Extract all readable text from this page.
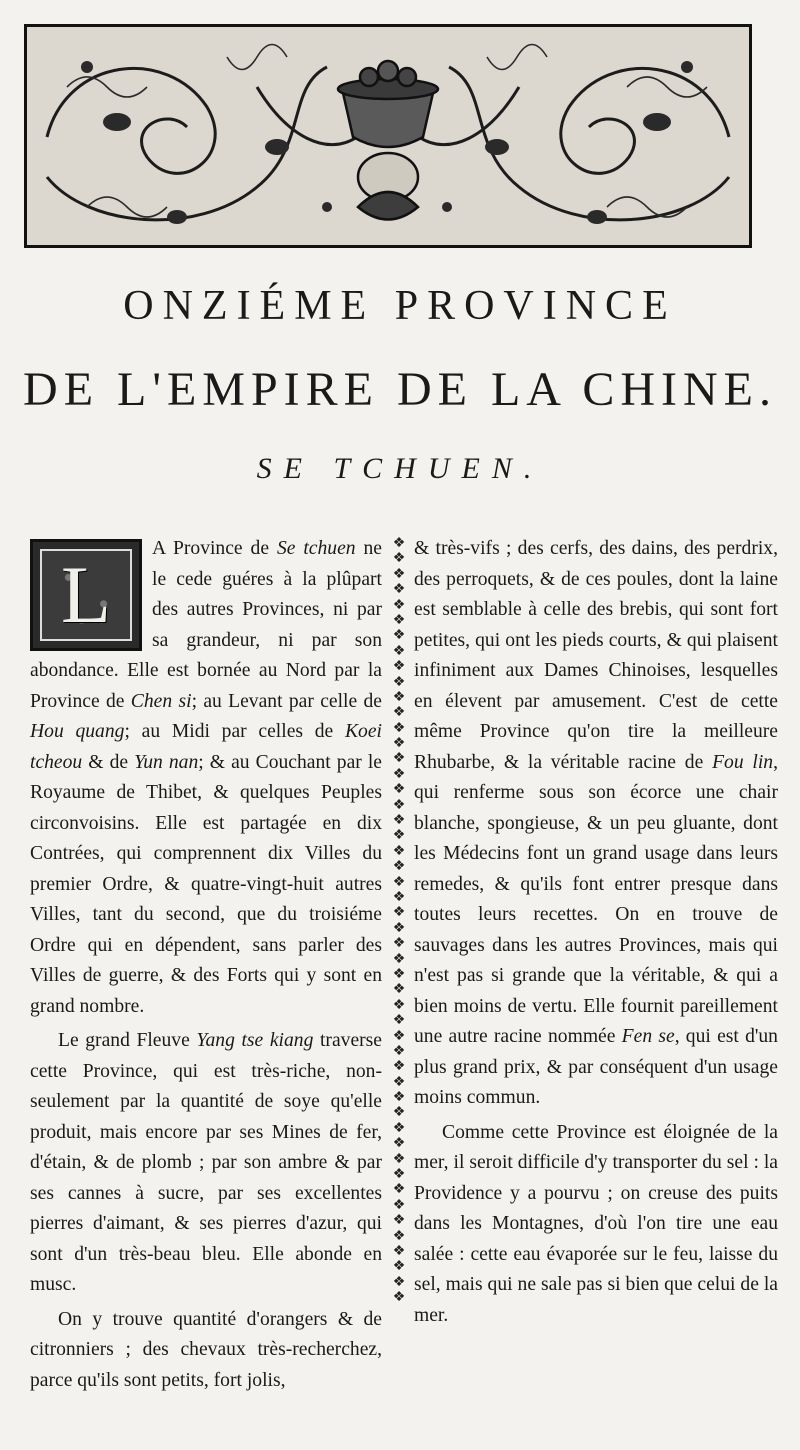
ONZIÉME PROVINCE
DE L'EMPIRE DE LA CHINE.
SE TCHUEN.

L
A Province de Se tchuen ne le cede guéres à la plûpart des autres Provinces, ni par sa grandeur, ni par son abondance. Elle est bornée au Nord par la Province de Chen si; au Levant par celle de Hou quang; au Midi par celles de Koei tcheou & de Yun nan; & au Couchant par le Royaume de Thibet, & quelques Peuples circonvoisins. Elle est partagée en dix Contrées, qui comprennent dix Villes du premier Ordre, & quatre-vingt-huit autres Villes, tant du second, que du troisiéme Ordre qui en dépendent, sans parler des Villes de guerre, & des Forts qui y sont en grand nombre.

Le grand Fleuve Yang tse kiang traverse cette Province, qui est très-riche, non-seulement par la quantité de soye qu'elle produit, mais encore par ses Mines de fer, d'étain, & de plomb ; par son ambre & par ses cannes à sucre, par ses excellentes pierres d'aimant, & ses pierres d'azur, qui sont d'un très-beau bleu. Elle abonde en musc.

On y trouve quantité d'orangers & de citronniers ; des chevaux très-recherchez, parce qu'ils sont petits, fort jolis,

❖
❖
❖
❖
❖
❖
❖
❖
❖
❖
❖
❖
❖
❖
❖
❖
❖
❖
❖
❖
❖
❖
❖
❖
❖
❖
❖
❖
❖
❖
❖
❖
❖
❖
❖
❖
❖
❖
❖
❖
❖
❖
❖
❖
❖
❖
❖
❖
❖
❖

& très-vifs ; des cerfs, des dains, des perdrix, des perroquets, & de ces poules, dont la laine est semblable à celle des brebis, qui sont fort petites, qui ont les pieds courts, & qui plaisent infiniment aux Dames Chinoises, lesquelles en élevent par amusement. C'est de cette même Province qu'on tire la meilleure Rhubarbe, & la véritable racine de Fou lin, qui renferme sous son écorce une chair blanche, spongieuse, & un peu gluante, dont les Médecins font un grand usage dans leurs remedes, & qu'ils font entrer presque dans toutes leurs recettes. On en trouve de sauvages dans les autres Provinces, mais qui n'est pas si grande que la véritable, & qui a bien moins de vertu. Elle fournit pareillement une autre racine nommée Fen se, qui est d'un plus grand prix, & par conséquent d'un usage moins commun.

Comme cette Province est éloignée de la mer, il seroit difficile d'y transporter du sel : la Providence y a pourvu ; on creuse des puits dans les Montagnes, d'où l'on tire une eau salée : cette eau évaporée sur le feu, laisse du sel, mais qui ne sale pas si bien que celui de la mer.
